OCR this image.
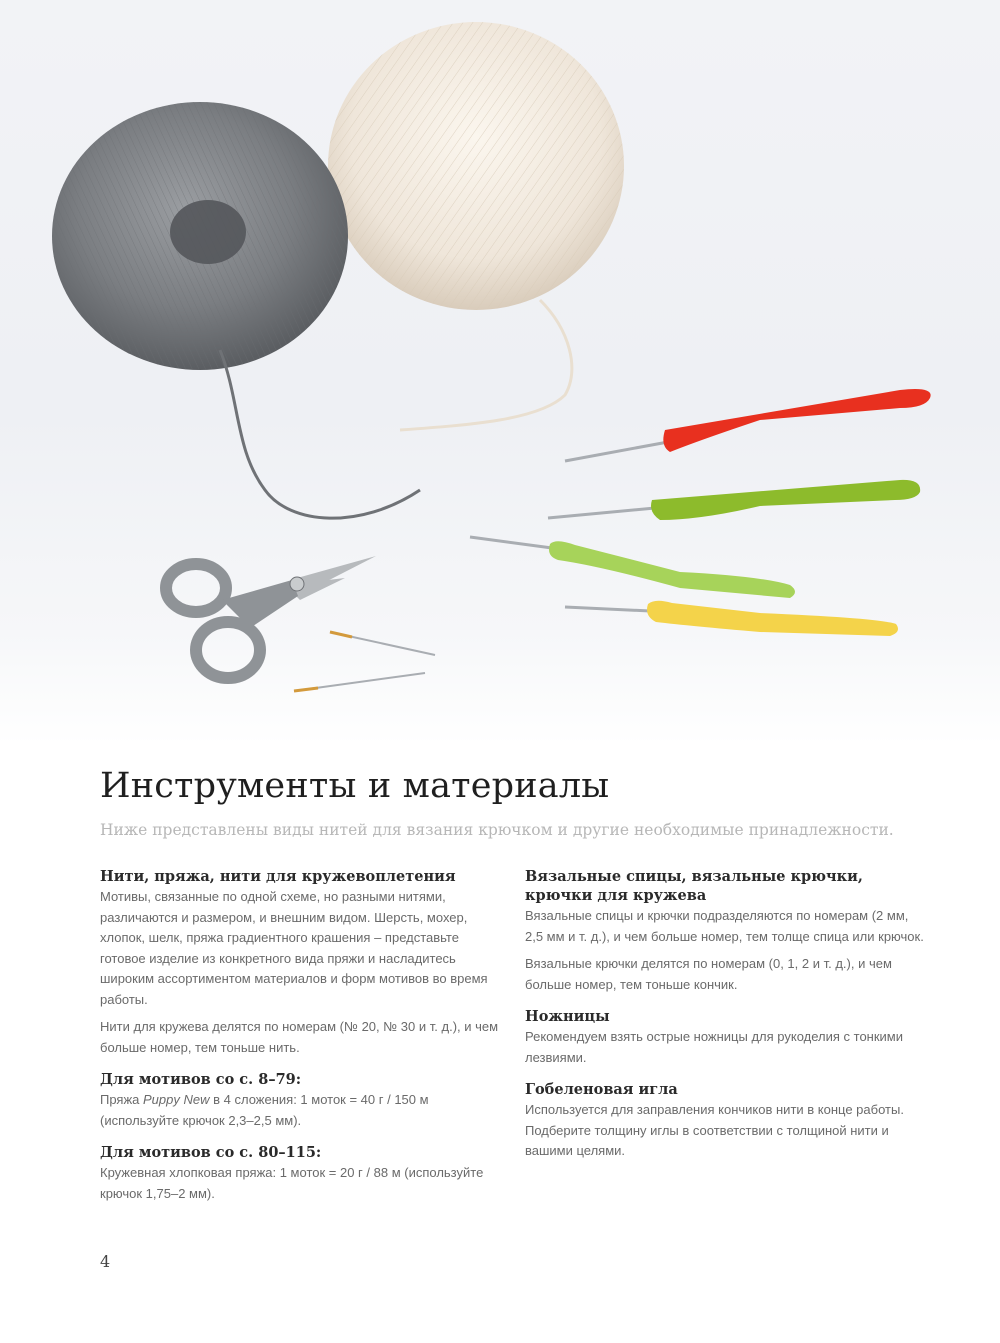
Инструменты и материалы

Ниже представлены виды нитей для вязания крючком и другие необходимые принадлежности.

Нити, пряжа, нити для кружевоплетения

Мотивы, связанные по одной схеме, но разными нитями, различаются и размером, и внешним видом. Шерсть, мохер, хлопок, шелк, пряжа градиентного крашения – представьте готовое изделие из конкретного вида пряжи и насладитесь широким ассортиментом материалов и форм мотивов во время работы.

Нити для кружева делятся по номерам (№ 20, № 30 и т. д.), и чем больше номер, тем тоньше нить.

Для мотивов со с. 8–79:

Пряжа Puppy New в 4 сложения: 1 моток = 40 г / 150 м (используйте крючок 2,3–2,5 мм).

Для мотивов со с. 80–115:

Кружевная хлопковая пряжа: 1 моток = 20 г / 88 м (используйте крючок 1,75–2 мм).

Вязальные спицы, вязальные крючки, крючки для кружева

Вязальные спицы и крючки подразделяются по номерам (2 мм, 2,5 мм и т. д.), и чем больше номер, тем толще спица или крючок.

Вязальные крючки делятся по номерам (0, 1, 2 и т. д.), и чем больше номер, тем тоньше кончик.

Ножницы

Рекомендуем взять острые ножницы для рукоделия с тонкими лезвиями.

Гобеленовая игла

Используется для заправления кончиков нити в конце работы. Подберите толщину иглы в соответствии с толщиной нити и вашими целями.

4
